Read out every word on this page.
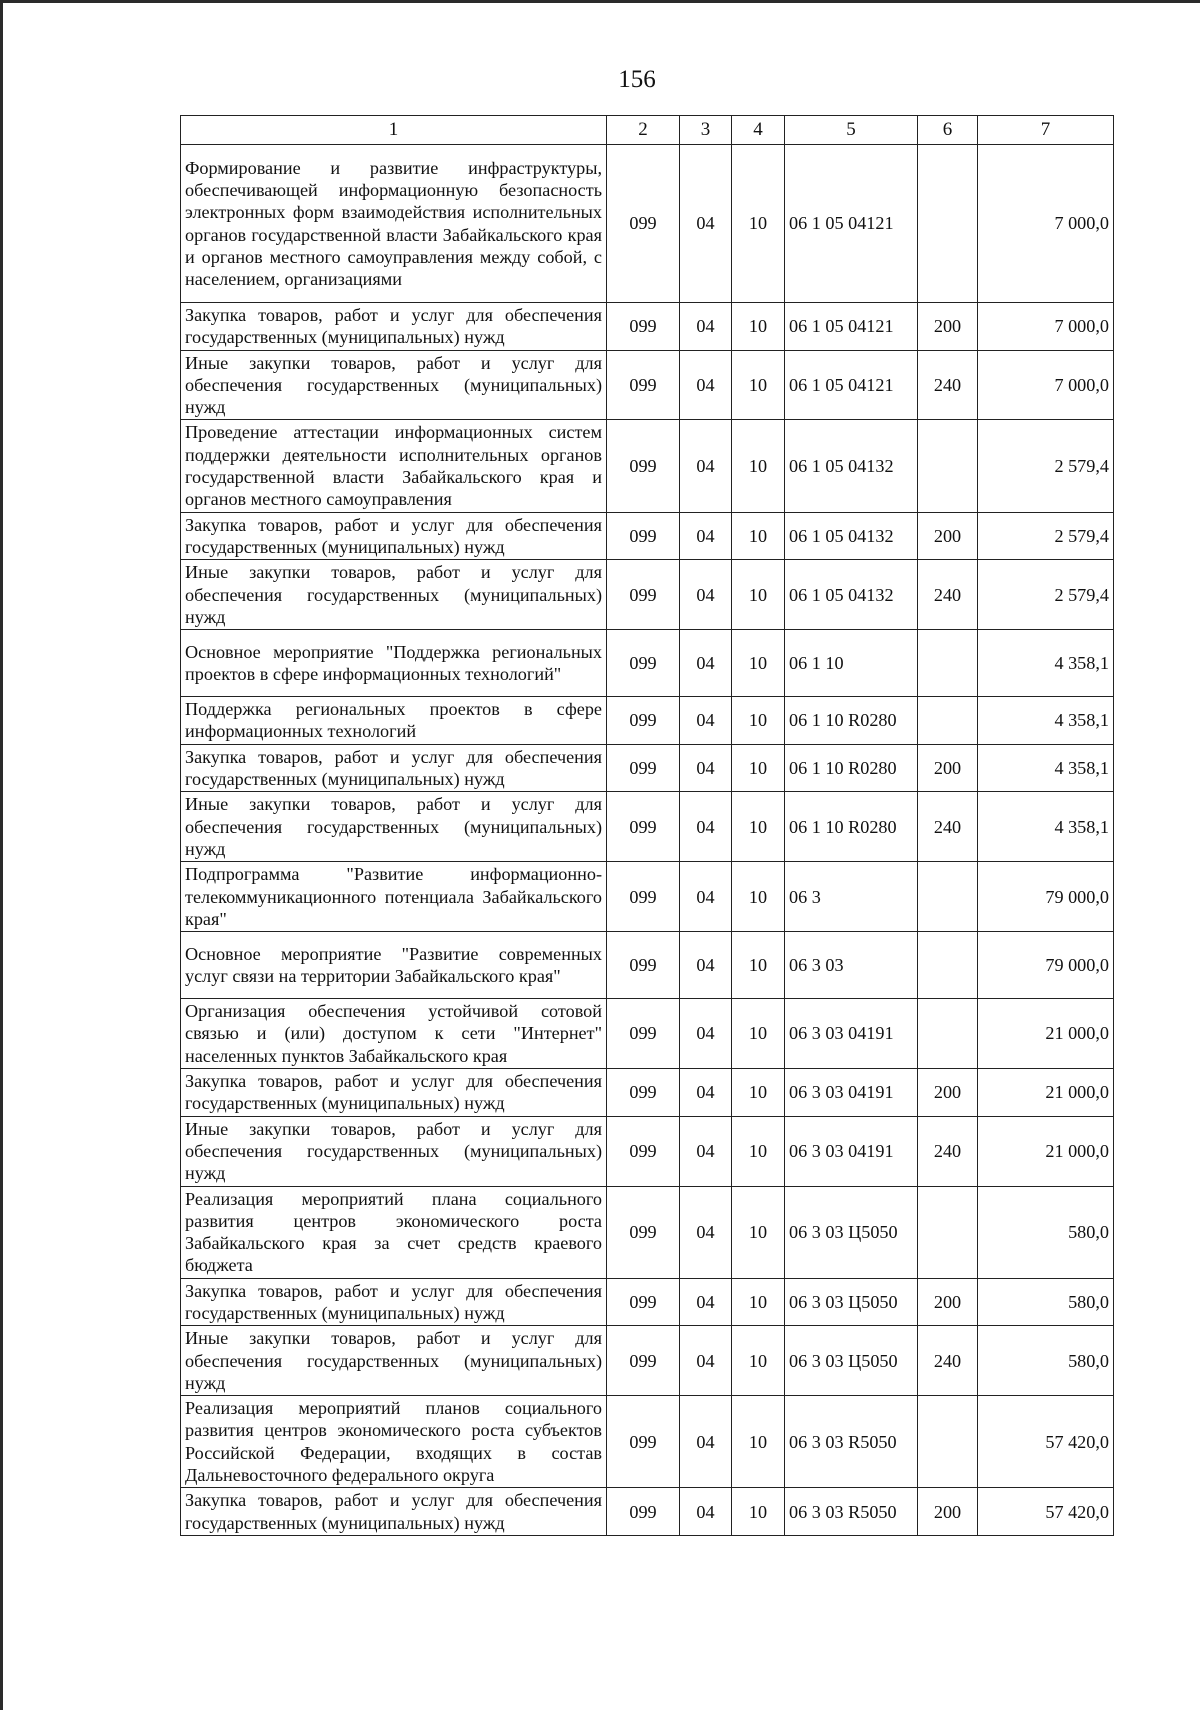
156
1	2	3	4	5	6	7
Формирование и развитие инфраструктуры, обеспечивающей информационную безопасность электронных форм взаимодействия исполнительных органов государственной власти Забайкальского края и органов местного самоуправления между собой, с населением, организациями	099	04	10	06 1 05 04121		7 000,0
Закупка товаров, работ и услуг для обеспечения государственных (муниципальных) нужд	099	04	10	06 1 05 04121	200	7 000,0
Иные закупки товаров, работ и услуг для обеспечения государственных (муниципальных) нужд	099	04	10	06 1 05 04121	240	7 000,0
Проведение аттестации информационных систем поддержки деятельности исполнительных органов государственной власти Забайкальского края и органов местного самоуправления	099	04	10	06 1 05 04132		2 579,4
Закупка товаров, работ и услуг для обеспечения государственных (муниципальных) нужд	099	04	10	06 1 05 04132	200	2 579,4
Иные закупки товаров, работ и услуг для обеспечения государственных (муниципальных) нужд	099	04	10	06 1 05 04132	240	2 579,4
Основное мероприятие "Поддержка региональных проектов в сфере информационных технологий"	099	04	10	06 1 10		4 358,1
Поддержка региональных проектов в сфере информационных технологий	099	04	10	06 1 10 R0280		4 358,1
Закупка товаров, работ и услуг для обеспечения государственных (муниципальных) нужд	099	04	10	06 1 10 R0280	200	4 358,1
Иные закупки товаров, работ и услуг для обеспечения государственных (муниципальных) нужд	099	04	10	06 1 10 R0280	240	4 358,1
Подпрограмма "Развитие информационно-телекоммуникационного потенциала Забайкальского края"	099	04	10	06 3		79 000,0
Основное мероприятие "Развитие современных услуг связи на территории Забайкальского края"	099	04	10	06 3 03		79 000,0
Организация обеспечения устойчивой сотовой связью и (или) доступом к сети "Интернет" населенных пунктов Забайкальского края	099	04	10	06 3 03 04191		21 000,0
Закупка товаров, работ и услуг для обеспечения государственных (муниципальных) нужд	099	04	10	06 3 03 04191	200	21 000,0
Иные закупки товаров, работ и услуг для обеспечения государственных (муниципальных) нужд	099	04	10	06 3 03 04191	240	21 000,0
Реализация мероприятий плана социального развития центров экономического роста Забайкальского края за счет средств краевого бюджета	099	04	10	06 3 03 Ц5050		580,0
Закупка товаров, работ и услуг для обеспечения государственных (муниципальных) нужд	099	04	10	06 3 03 Ц5050	200	580,0
Иные закупки товаров, работ и услуг для обеспечения государственных (муниципальных) нужд	099	04	10	06 3 03 Ц5050	240	580,0
Реализация мероприятий планов социального развития центров экономического роста субъектов Российской Федерации, входящих в состав Дальневосточного федерального округа	099	04	10	06 3 03 R5050		57 420,0
Закупка товаров, работ и услуг для обеспечения государственных (муниципальных) нужд	099	04	10	06 3 03 R5050	200	57 420,0
